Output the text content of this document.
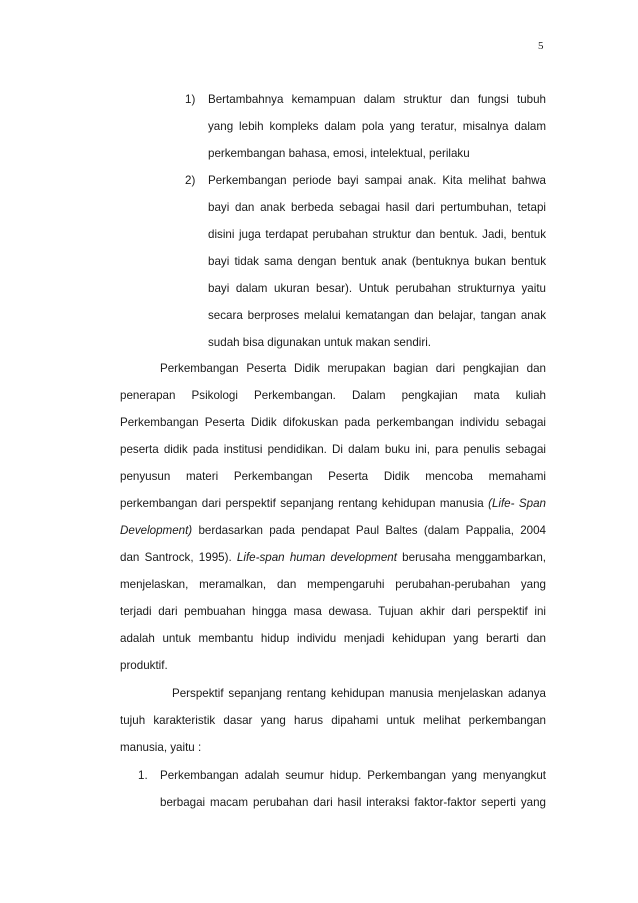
5
1) Bertambahnya kemampuan dalam struktur dan fungsi tubuh
yang lebih kompleks dalam pola yang teratur, misalnya dalam
perkembangan bahasa, emosi, intelektual, perilaku
2) Perkembangan periode bayi sampai anak. Kita melihat bahwa
bayi dan anak berbeda sebagai hasil dari pertumbuhan, tetapi
disini juga terdapat perubahan struktur dan bentuk. Jadi, bentuk
bayi tidak sama dengan bentuk anak (bentuknya bukan bentuk
bayi dalam ukuran besar). Untuk perubahan strukturnya yaitu
secara berproses melalui kematangan dan belajar, tangan anak
sudah bisa digunakan untuk makan sendiri.
Perkembangan Peserta Didik merupakan bagian dari pengkajian dan
penerapan Psikologi Perkembangan. Dalam pengkajian mata kuliah
Perkembangan Peserta Didik difokuskan pada perkembangan individu sebagai
peserta didik pada institusi pendidikan. Di dalam buku ini, para penulis sebagai
penyusun materi Perkembangan Peserta Didik mencoba memahami
perkembangan dari perspektif sepanjang rentang kehidupan manusia (Life- Span
Development) berdasarkan pada pendapat Paul Baltes (dalam Pappalia, 2004
dan Santrock, 1995). Life-span human development berusaha menggambarkan,
menjelaskan, meramalkan, dan mempengaruhi perubahan-perubahan yang
terjadi dari pembuahan hingga masa dewasa. Tujuan akhir dari perspektif ini
adalah untuk membantu hidup individu menjadi kehidupan yang berarti dan
produktif.
Perspektif sepanjang rentang kehidupan manusia menjelaskan adanya
tujuh karakteristik dasar yang harus dipahami untuk melihat perkembangan
manusia, yaitu :
1. Perkembangan adalah seumur hidup. Perkembangan yang menyangkut
berbagai macam perubahan dari hasil interaksi faktor-faktor seperti yang
